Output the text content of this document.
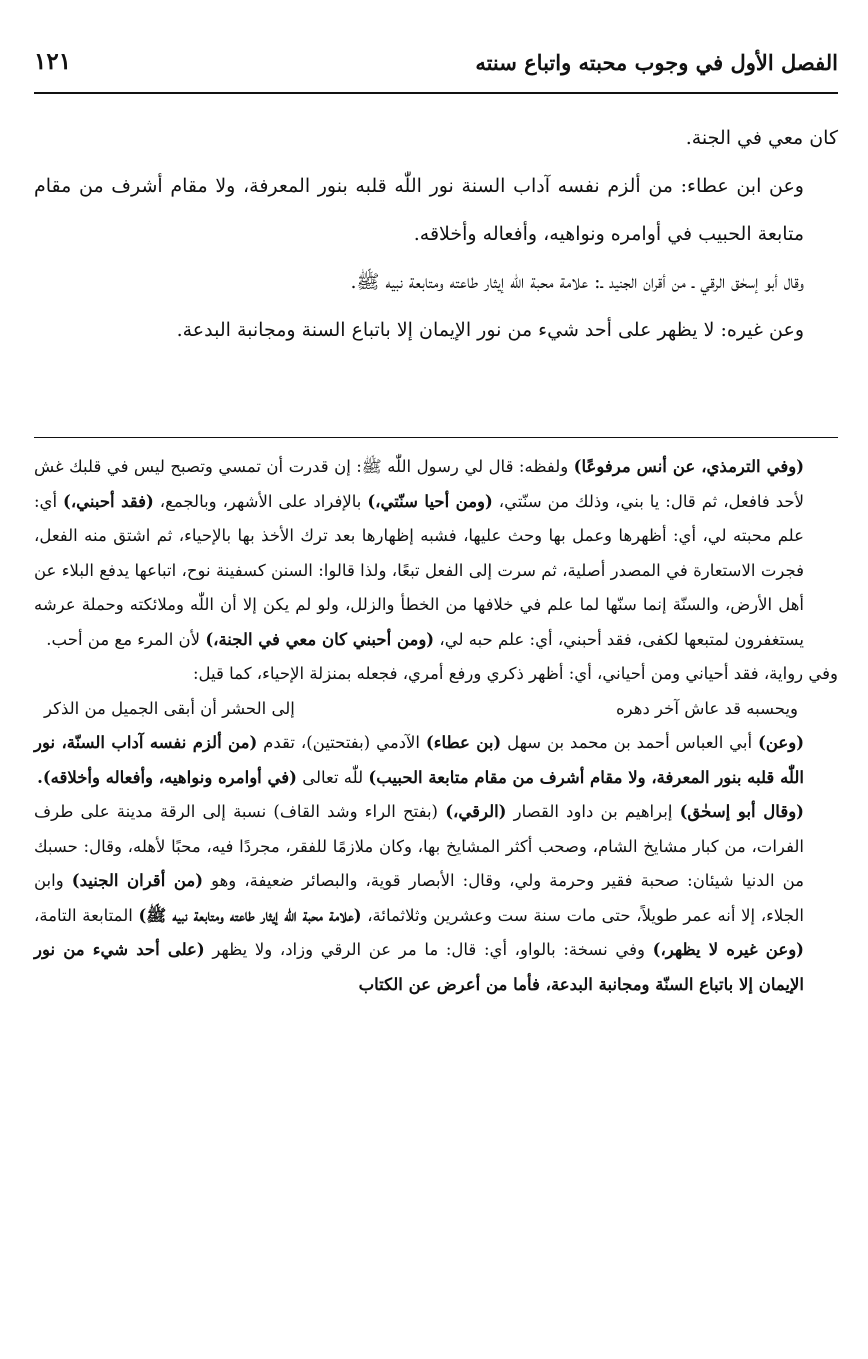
الفصل الأول في وجوب محبته واتباع سنته
١٢١

كان معي في الجنة.

وعن ابن عطاء: من ألزم نفسه آداب السنة نور اللّٰه قلبه بنور المعرفة، ولا مقام أشرف من مقام متابعة الحبيب في أوامره ونواهيه، وأفعاله وأخلاقه.

وقال أبو إسحٰق الرقي ـ من أقران الجنيد ـ: علامة محبة اللّٰه إيثار طاعته ومتابعة نبيه ﷺ.

وعن غيره: لا يظهر على أحد شيء من نور الإيمان إلا باتباع السنة ومجانبة البدعة.

(وفي الترمذي، عن أنس مرفوعًا) ولفظه: قال لي رسول اللّٰه ﷺ: إن قدرت أن تمسي وتصبح ليس في قلبك غش لأحد فافعل، ثم قال: يا بني، وذلك من سنّتي، (ومن أحيا سنّتي،) بالإفراد على الأشهر، وبالجمع، (فقد أحبني،) أي: علم محبته لي، أي: أظهرها وعمل بها وحث عليها، فشبه إظهارها بعد ترك الأخذ بها بالإحياء، ثم اشتق منه الفعل، فجرت الاستعارة في المصدر أصلية، ثم سرت إلى الفعل تبعًا، ولذا قالوا: السنن كسفينة نوح، اتباعها يدفع البلاء عن أهل الأرض، والسنّة إنما سنّها لما علم في خلافها من الخطأ والزلل، ولو لم يكن إلا أن اللّٰه وملائكته وحملة عرشه يستغفرون لمتبعها لكفى، فقد أحبني، أي: علم حبه لي، (ومن أحبني كان معي في الجنة،) لأن المرء مع من أحب.

وفي رواية، فقد أحياني ومن أحياني، أي: أظهر ذكري ورفع أمري، فجعله بمنزلة الإحياء، كما قيل:

ويحسبه قد عاش آخر دهره
إلى الحشر أن أبقى الجميل من الذكر

(وعن) أبي العباس أحمد بن محمد بن سهل (بن عطاء) الآدمي (بفتحتين)، تقدم (من ألزم نفسه آداب السنّة، نور اللّٰه قلبه بنور المعرفة، ولا مقام أشرف من مقام متابعة الحبيب) للّٰه تعالى (في أوامره ونواهيه، وأفعاله وأخلاقه).

(وقال أبو إسحٰق) إبراهيم بن داود القصار (الرقي،) (بفتح الراء وشد القاف) نسبة إلى الرقة مدينة على طرف الفرات، من كبار مشايخ الشام، وصحب أكثر المشايخ بها، وكان ملازمًا للفقر، مجردًا فيه، محبًا لأهله، وقال: حسبك من الدنيا شيئان: صحبة فقير وحرمة ولي، وقال: الأبصار قوية، والبصائر ضعيفة، وهو (من أقران الجنيد) وابن الجلاء، إلا أنه عمر طويلاً، حتى مات سنة ست وعشرين وثلاثمائة، (علامة محبة اللّٰه إيثار طاعته ومتابعة نبيه ﷺ) المتابعة التامة، (وعن غيره لا يظهر،) وفي نسخة: بالواو، أي: قال: ما مر عن الرقي وزاد، ولا يظهر (على أحد شيء من نور الإيمان إلا باتباع السنّة ومجانبة البدعة، فأما من أعرض عن الكتاب
